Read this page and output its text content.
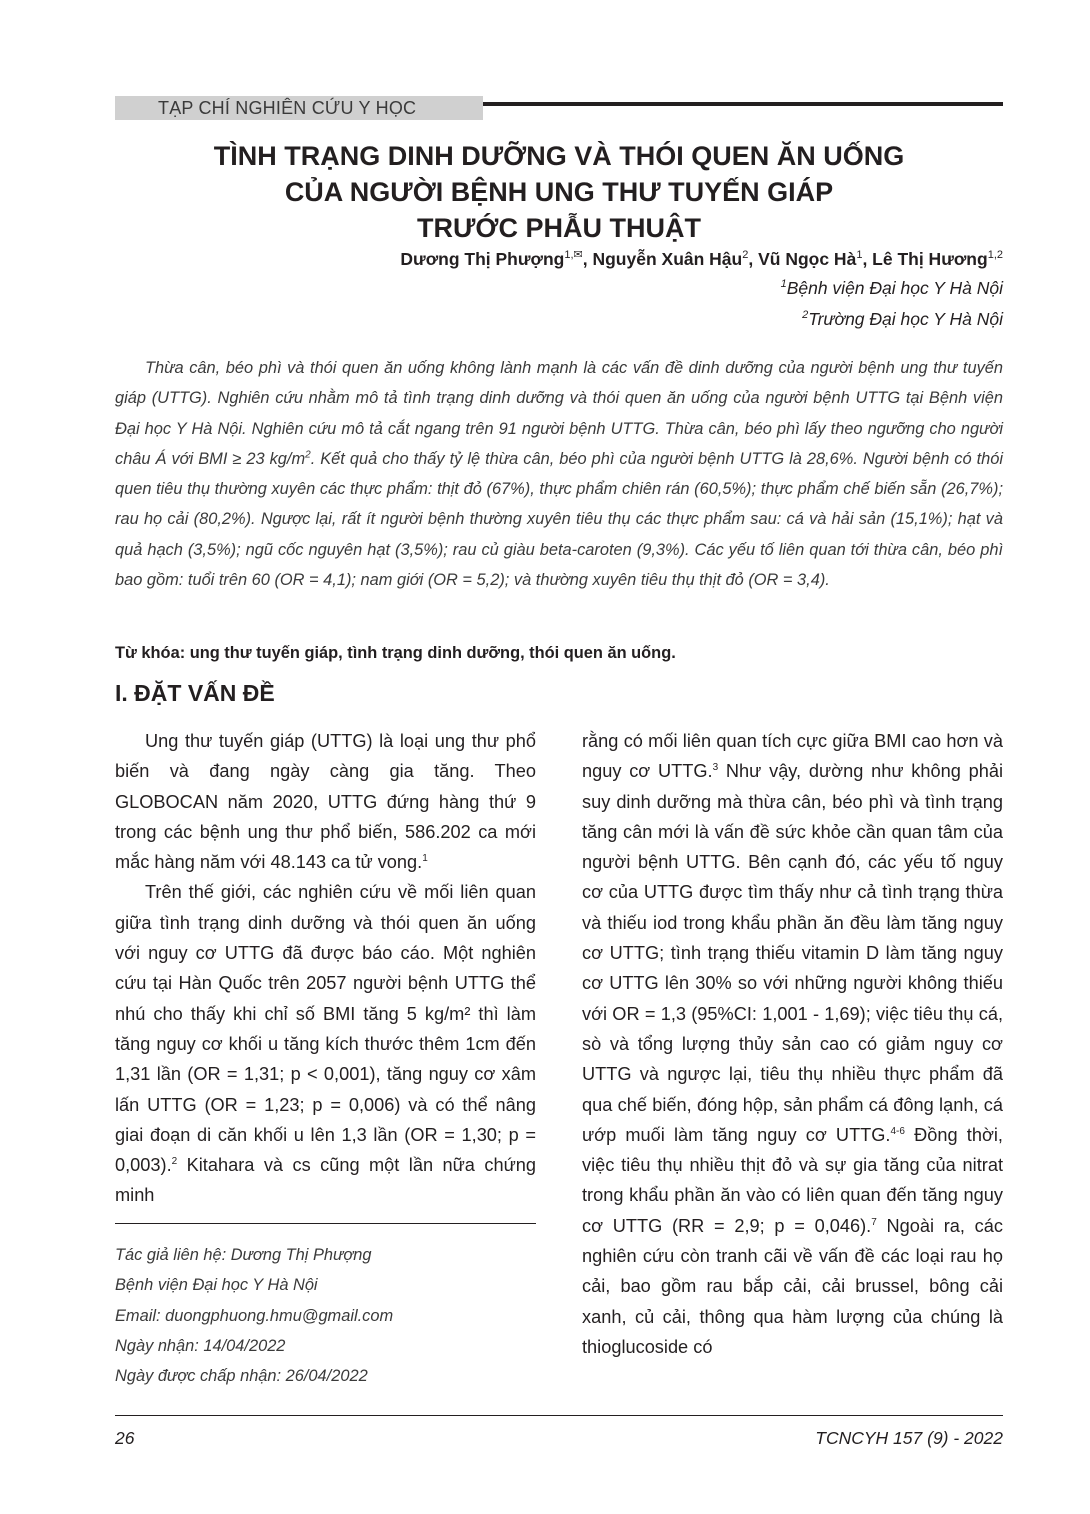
TẠP CHÍ NGHIÊN CỨU Y HỌC
TÌNH TRẠNG DINH DƯỠNG VÀ THÓI QUEN ĂN UỐNG
CỦA NGƯỜI BỆNH UNG THƯ TUYẾN GIÁP
TRƯỚC PHẪU THUẬT
Dương Thị Phượng$^{1,✉}$, Nguyễn Xuân Hậu$^2$, Vũ Ngọc $Hà^1$, Lê Thị Hương$^{1,2}$
$^1$Bệnh viện Đại học Y Hà Nội
$^2$Trường Đại học Y Hà Nội
Thừa cân, béo phì và thói quen ăn uống không lành mạnh là các vấn đề dinh dưỡng của người bệnh ung thư tuyến giáp (UTTG). Nghiên cứu nhằm mô tả tình trạng dinh dưỡng và thói quen ăn uống của người bệnh UTTG tại Bệnh viện Đại học Y Hà Nội. Nghiên cứu mô tả cắt ngang trên 91 người bệnh UTTG. Thừa cân, béo phì lấy theo ngưỡng cho người châu Á với BMI ≥ 23 $kg/m^2$. Kết quả cho thấy tỷ lệ thừa cân, béo phì của người bệnh UTTG là 28,6%. Người bệnh có thói quen tiêu thụ thường xuyên các thực phẩm: thịt đỏ (67%), thực phẩm chiên rán (60,5%); thực phẩm chế biến sẵn (26,7%); rau họ cải (80,2%). Ngược lại, rất ít người bệnh thường xuyên tiêu thụ các thực phẩm sau: cá và hải sản (15,1%); hạt và quả hạch (3,5%); ngũ cốc nguyên hạt (3,5%); rau củ giàu beta-caroten (9,3%). Các yếu tố liên quan tới thừa cân, béo phì bao gồm: tuổi trên 60 (OR = 4,1); nam giới (OR = 5,2); và thường xuyên tiêu thụ thịt đỏ (OR = 3,4).
Từ khóa: ung thư tuyến giáp, tình trạng dinh dưỡng, thói quen ăn uống.
I. ĐẶT VẤN ĐỀ

Ung thư tuyến giáp (UTTG) là loại ung thư phổ biến và đang ngày càng gia tăng. Theo GLOBOCAN năm 2020, UTTG đứng hàng thứ 9 trong các bệnh ung thư phổ biến, 586.202 ca mới mắc hàng năm với 48.143 ca tử vong.$^1$

Trên thế giới, các nghiên cứu về mối liên quan giữa tình trạng dinh dưỡng và thói quen ăn uống với nguy cơ UTTG đã được báo cáo. Một nghiên cứu tại Hàn Quốc trên 2057 người bệnh UTTG thể nhú cho thấy khi chỉ số BMI tăng 5 kg/m² thì làm tăng nguy cơ khối u tăng kích thước thêm 1cm đến 1,31 lần (OR = 1,31; p < 0,001), tăng nguy cơ xâm lấn UTTG (OR = 1,23; p = 0,006) và có thể nâng giai đoạn di căn khối u lên 1,3 lần (OR = 1,30; p = 0,003).$^2$ Kitahara và cs cũng một lần nữa chứng minh

Tác giả liên hệ: Dương Thị Phượng
Bệnh viện Đại học Y Hà Nội
Email: duongphuong.hmu@gmail.com
Ngày nhận: 14/04/2022
Ngày được chấp nhận: 26/04/2022

rằng có mối liên quan tích cực giữa BMI cao hơn và nguy cơ UTTG.$^3$ Như vậy, dường như không phải suy dinh dưỡng mà thừa cân, béo phì và tình trạng tăng cân mới là vấn đề sức khỏe cần quan tâm của người bệnh UTTG. Bên cạnh đó, các yếu tố nguy cơ của UTTG được tìm thấy như cả tình trạng thừa và thiếu iod trong khẩu phần ăn đều làm tăng nguy cơ UTTG; tình trạng thiếu vitamin D làm tăng nguy cơ UTTG lên 30% so với những người không thiếu với OR = 1,3 (95%CI: 1,001 - 1,69); việc tiêu thụ cá, sò và tổng lượng thủy sản cao có giảm nguy cơ UTTG và ngược lại, tiêu thụ nhiều thực phẩm đã qua chế biến, đóng hộp, sản phẩm cá đông lạnh, cá ướp muối làm tăng nguy cơ UTTG.$^{4-6}$ Đồng thời, việc tiêu thụ nhiều thịt đỏ và sự gia tăng của nitrat trong khẩu phần ăn vào có liên quan đến tăng nguy cơ UTTG (RR = 2,9; p = 0,046).$^7$ Ngoài ra, các nghiên cứu còn tranh cãi về vấn đề các loại rau họ cải, bao gồm rau bắp cải, cải brussel, bông cải xanh, củ cải, thông qua hàm lượng của chúng là thioglucoside có

26	TCNCYH 157 (9) - 2022
